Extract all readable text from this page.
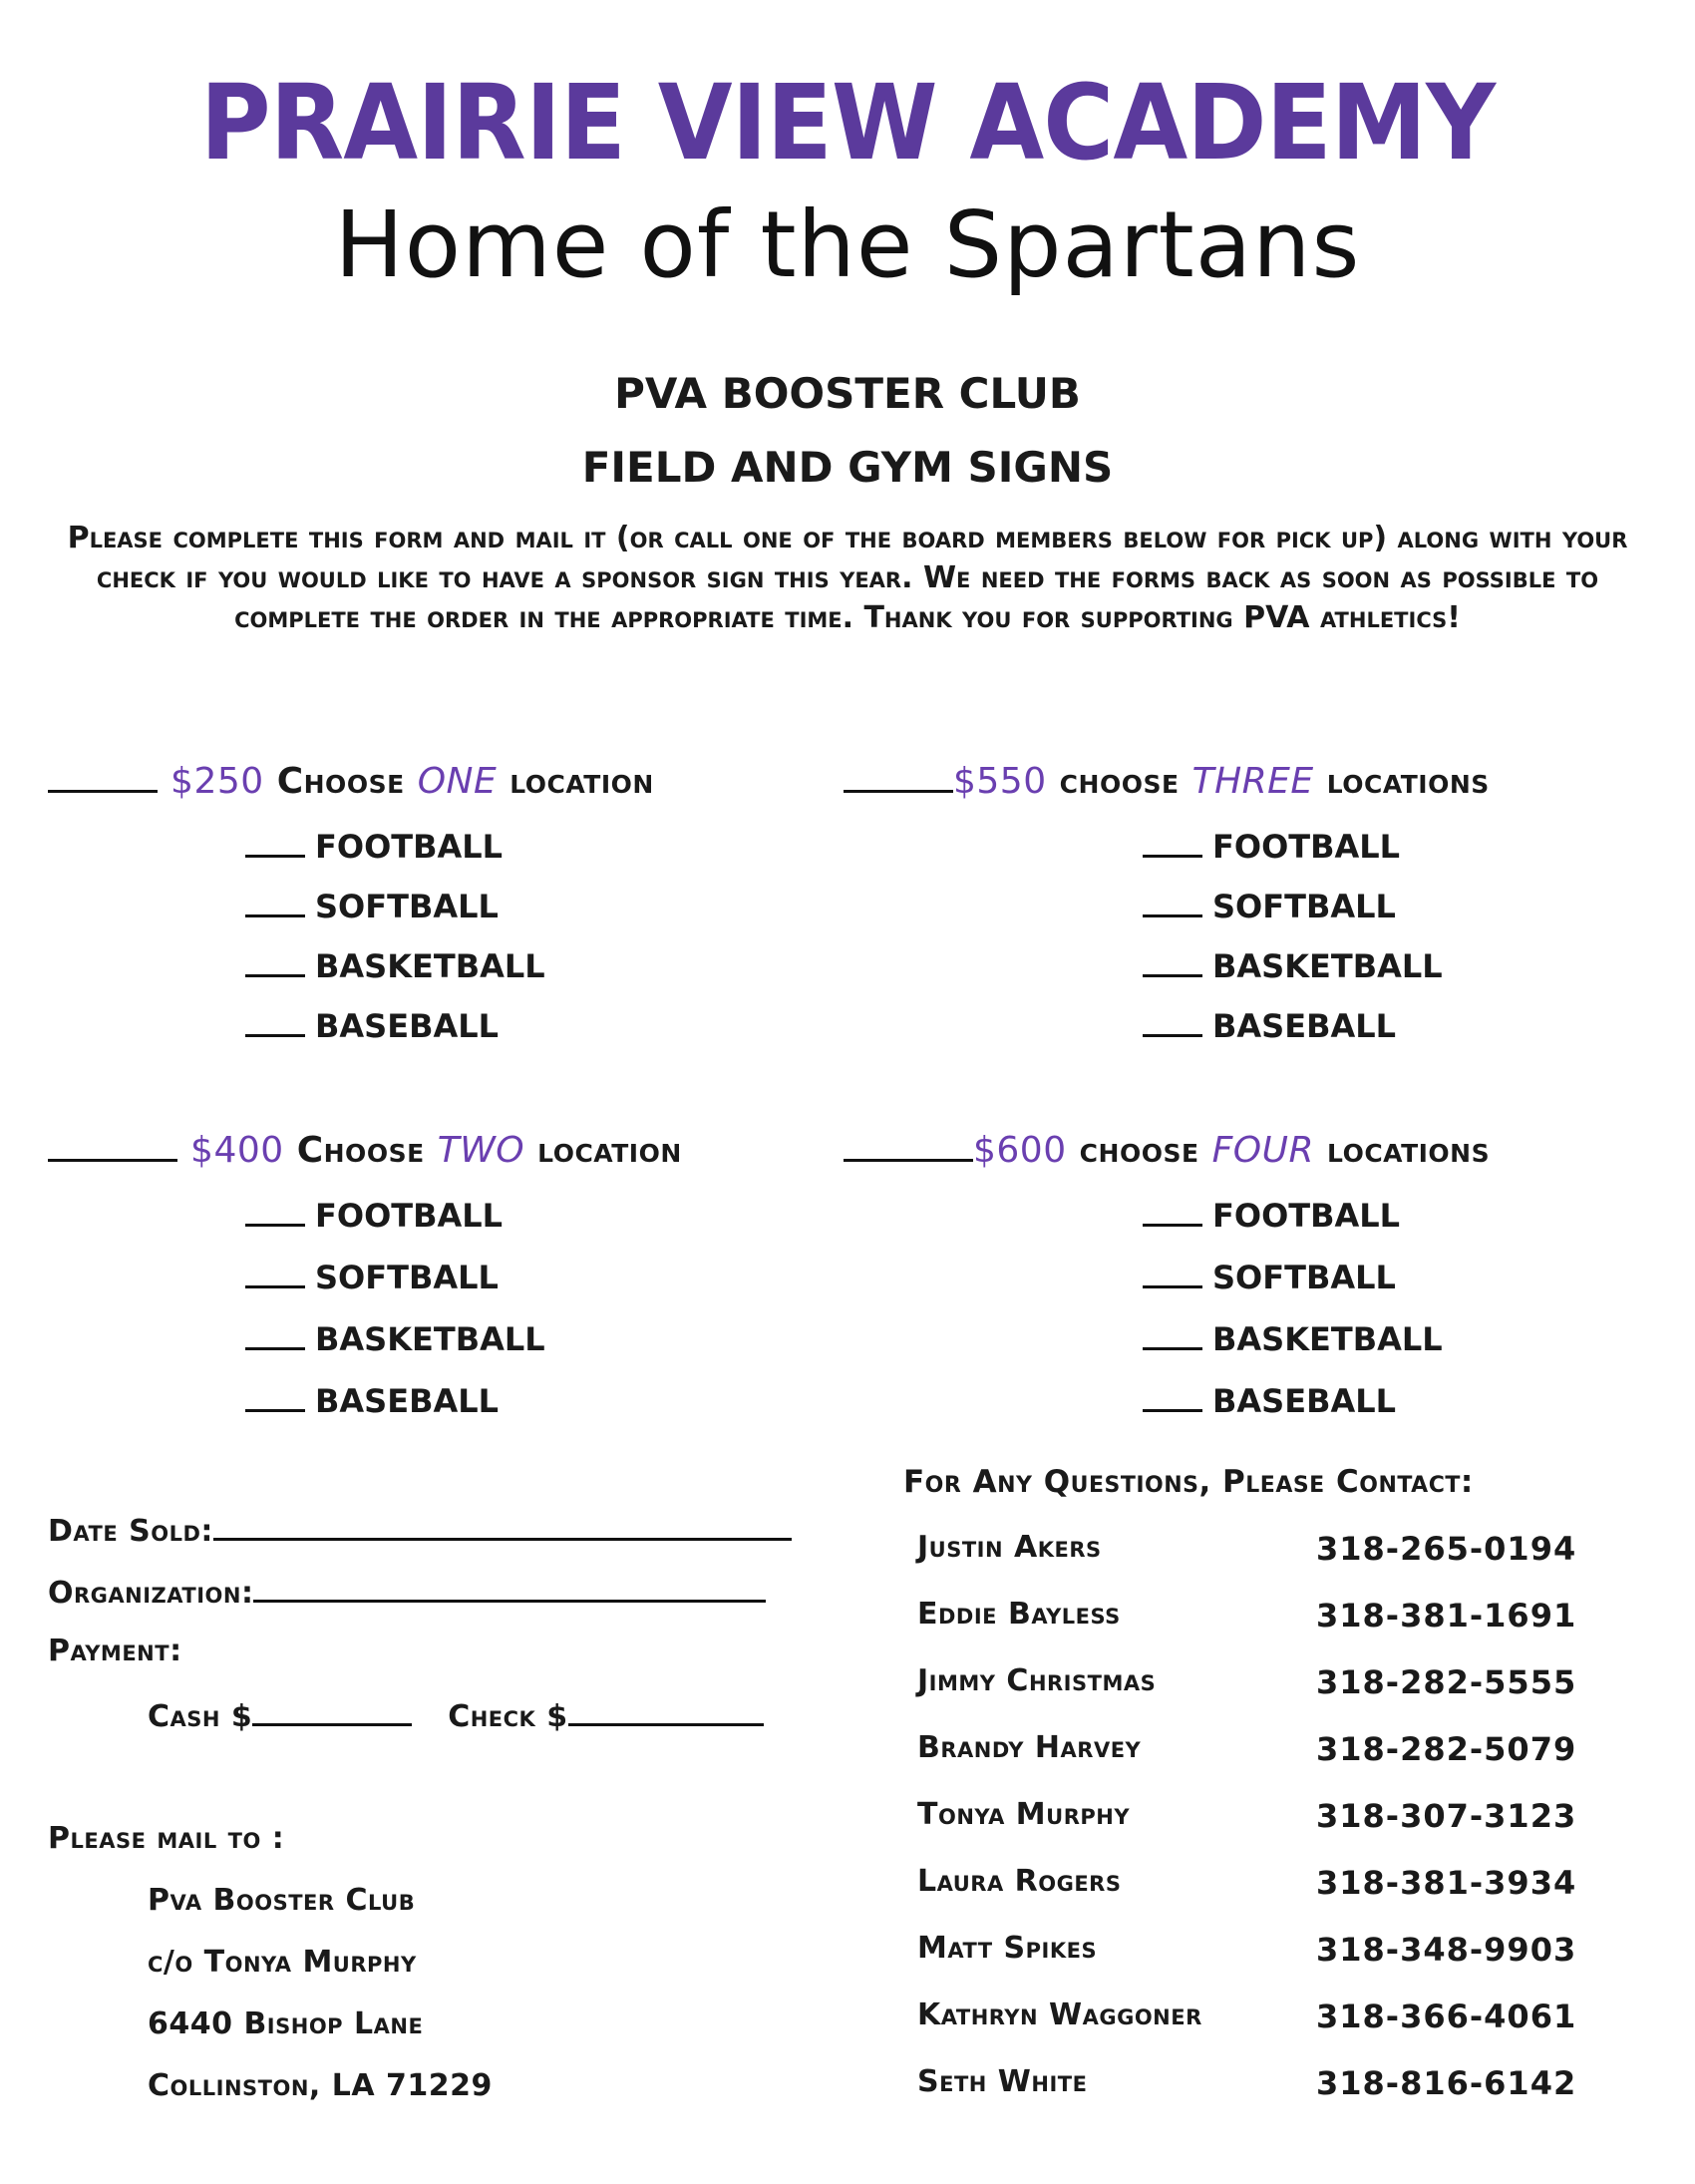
PRAIRIE VIEW ACADEMY
Home of the Spartans
PVA BOOSTER CLUB
FIELD AND GYM SIGNS
Please complete this form and mail it (or call one of the board members below for pick up) along with your check if you would like to have a sponsor sign this year. We need the forms back as soon as possible to complete the order in the appropriate time. Thank you for supporting PVA athletics!
$250 Choose ONE location
FOOTBALL
SOFTBALL
BASKETBALL
BASEBALL
$550 choose THREE locations
FOOTBALL
SOFTBALL
BASKETBALL
BASEBALL
$400 Choose TWO location
FOOTBALL
SOFTBALL
BASKETBALL
BASEBALL
$600 choose FOUR locations
FOOTBALL
SOFTBALL
BASKETBALL
BASEBALL
Date Sold:
Organization:
Payment:
Cash $	Check $
Please mail to :
Pva Booster Club
c/o Tonya Murphy
6440 Bishop Lane
Collinston, LA 71229
For Any Questions, Please Contact:
Justin Akers	318-265-0194
Eddie Bayless	318-381-1691
Jimmy Christmas	318-282-5555
Brandy Harvey	318-282-5079
Tonya Murphy	318-307-3123
Laura Rogers	318-381-3934
Matt Spikes	318-348-9903
Kathryn Waggoner	318-366-4061
Seth White	318-816-6142
